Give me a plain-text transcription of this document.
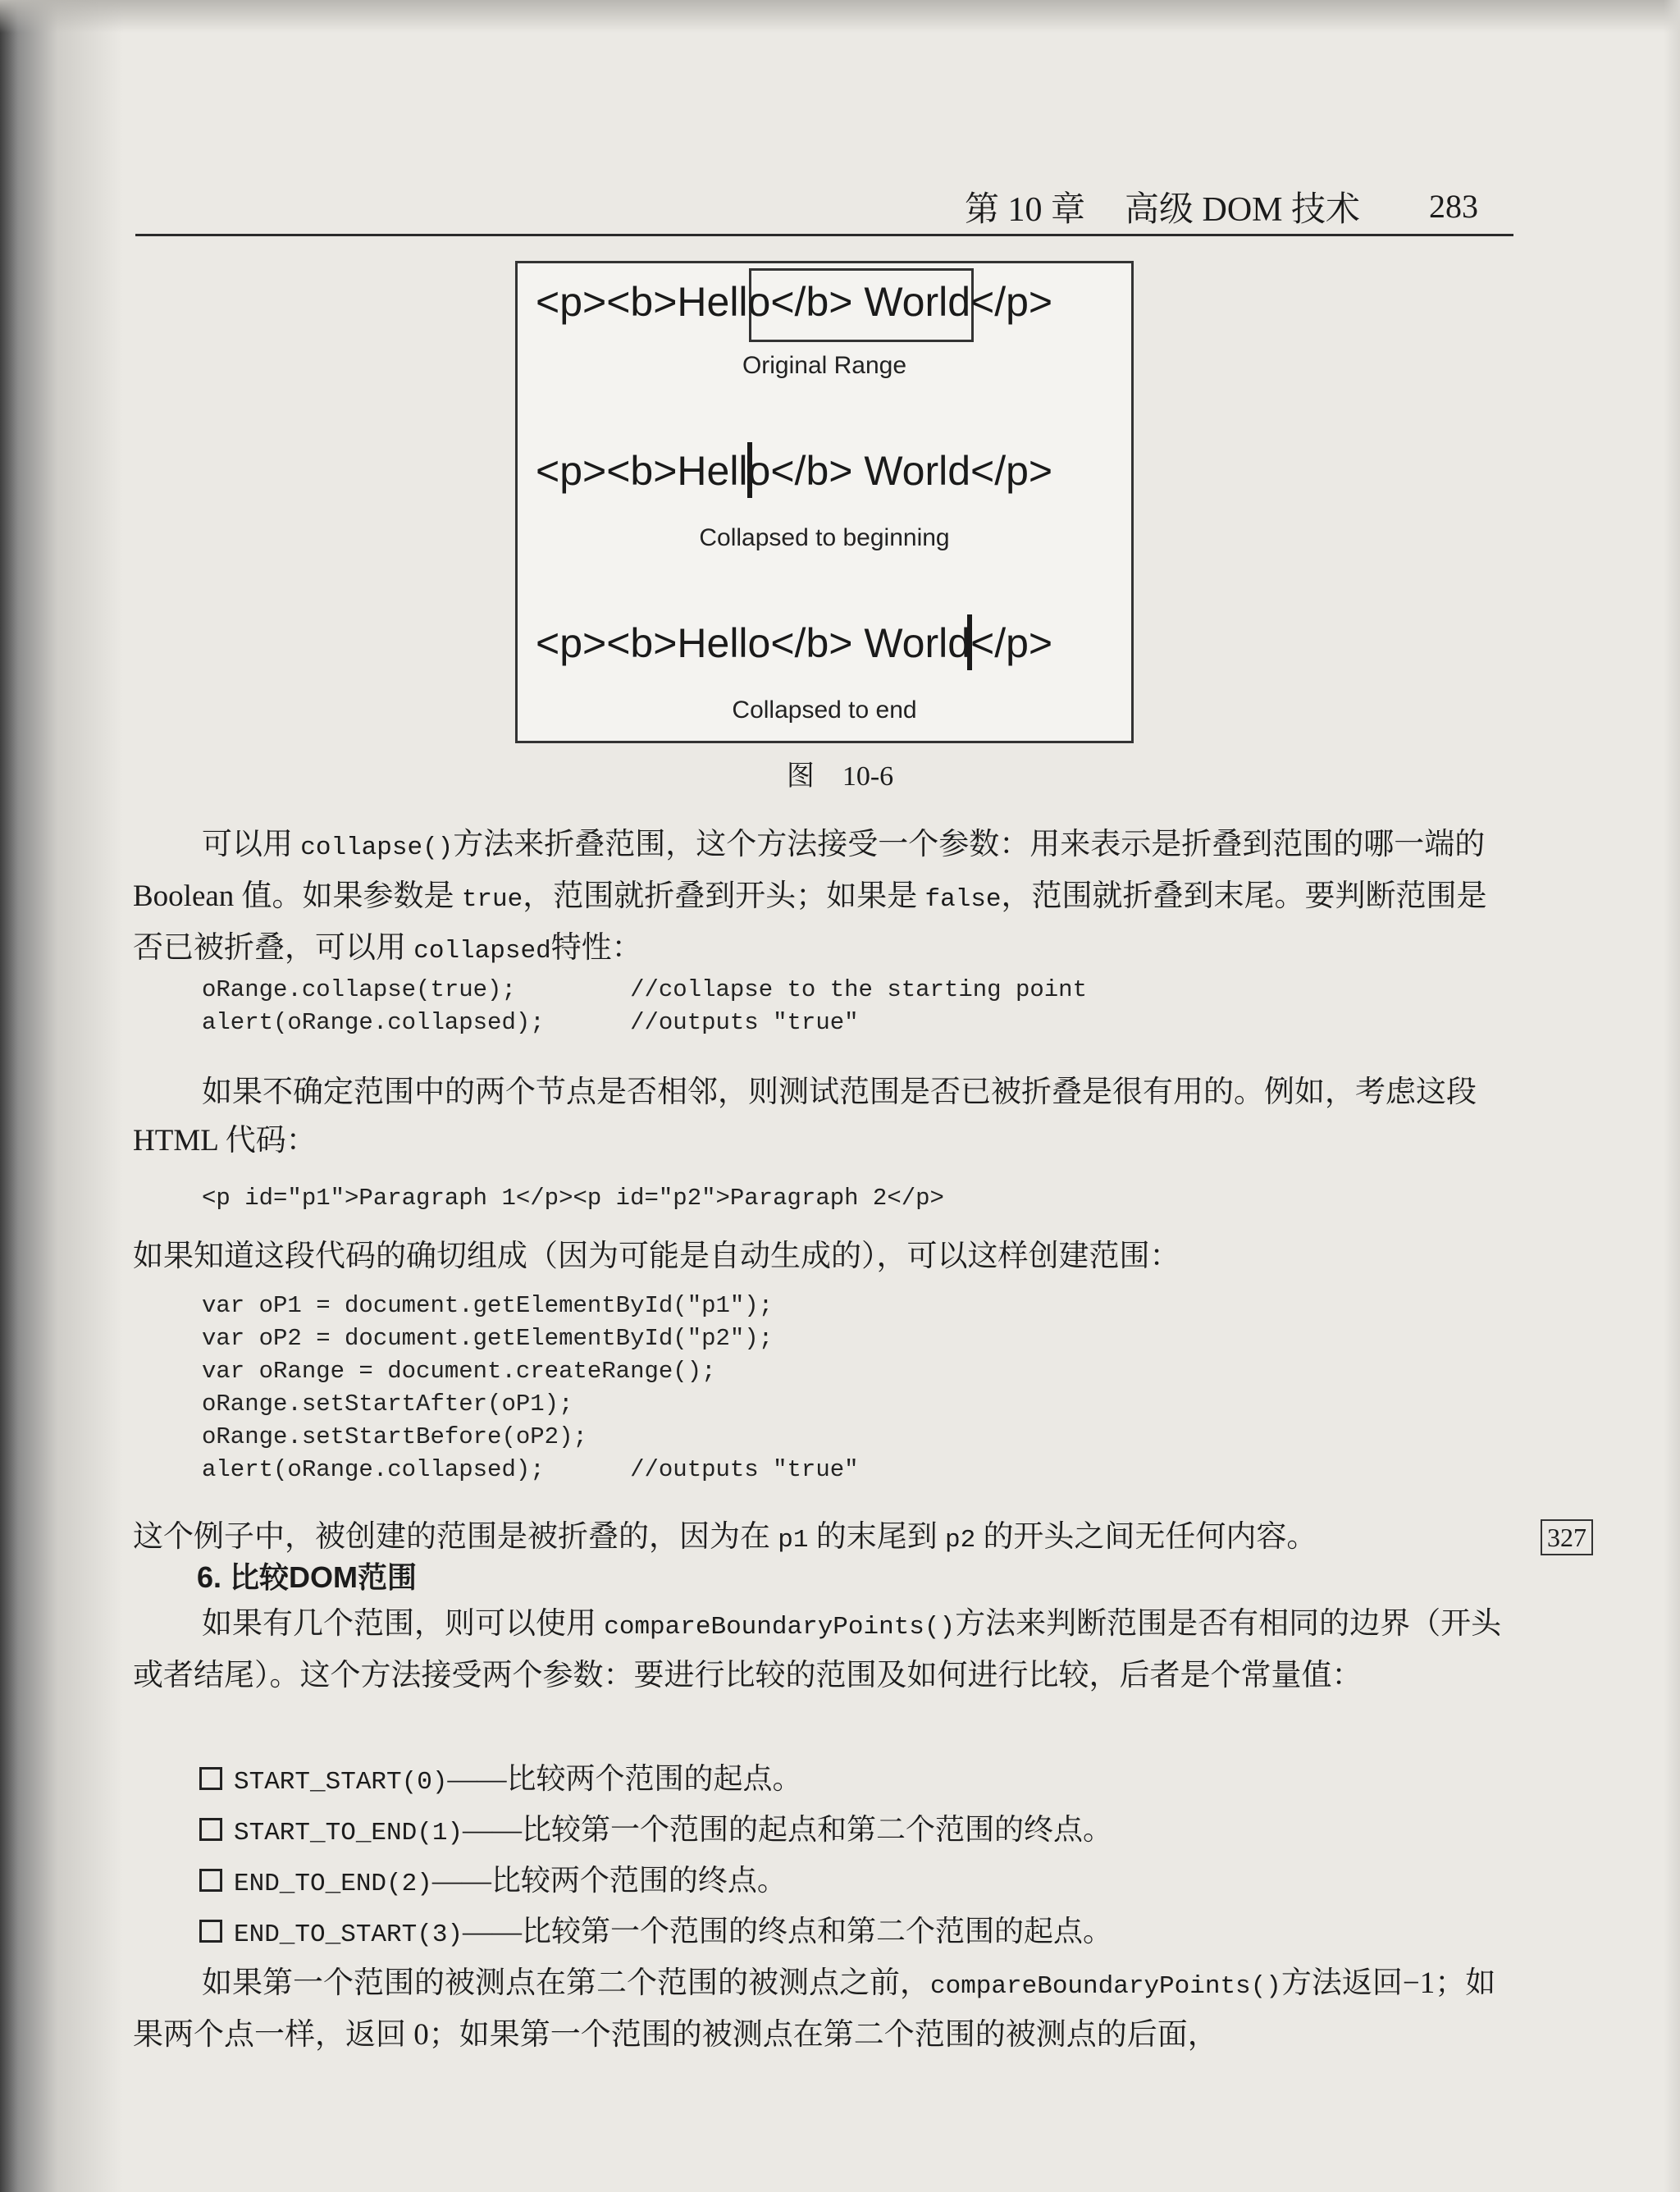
第 10 章 高级 DOM 技术 283
<p><b>Hello</b> World</p>
Original Range
<p><b>Hello</b> World</p>
Collapsed to beginning
<p><b>Hello</b> World</p>
Collapsed to end
图　10-6
可以用 collapse()方法来折叠范围，这个方法接受一个参数：用来表示是折叠到范围的哪一端的 Boolean 值。如果参数是 true，范围就折叠到开头；如果是 false，范围就折叠到末尾。要判断范围是否已被折叠，可以用 collapsed特性：
oRange.collapse(true);        //collapse to the starting point
alert(oRange.collapsed);      //outputs "true"
如果不确定范围中的两个节点是否相邻，则测试范围是否已被折叠是很有用的。例如，考虑这段 HTML 代码：
<p id="p1">Paragraph 1</p><p id="p2">Paragraph 2</p>
如果知道这段代码的确切组成（因为可能是自动生成的），可以这样创建范围：
var oP1 = document.getElementById("p1");
var oP2 = document.getElementById("p2");
var oRange = document.createRange();
oRange.setStartAfter(oP1);
oRange.setStartBefore(oP2);
alert(oRange.collapsed);      //outputs "true"
这个例子中，被创建的范围是被折叠的，因为在 p1 的末尾到 p2 的开头之间无任何内容。	327
6. 比较DOM范围
如果有几个范围，则可以使用 compareBoundaryPoints()方法来判断范围是否有相同的边界（开头或者结尾）。这个方法接受两个参数：要进行比较的范围及如何进行比较，后者是个常量值：
START_START(0)——比较两个范围的起点。
START_TO_END(1)——比较第一个范围的起点和第二个范围的终点。
END_TO_END(2)——比较两个范围的终点。
END_TO_START(3)——比较第一个范围的终点和第二个范围的起点。
如果第一个范围的被测点在第二个范围的被测点之前，compareBoundaryPoints()方法返回−1；如果两个点一样，返回 0；如果第一个范围的被测点在第二个范围的被测点的后面，
